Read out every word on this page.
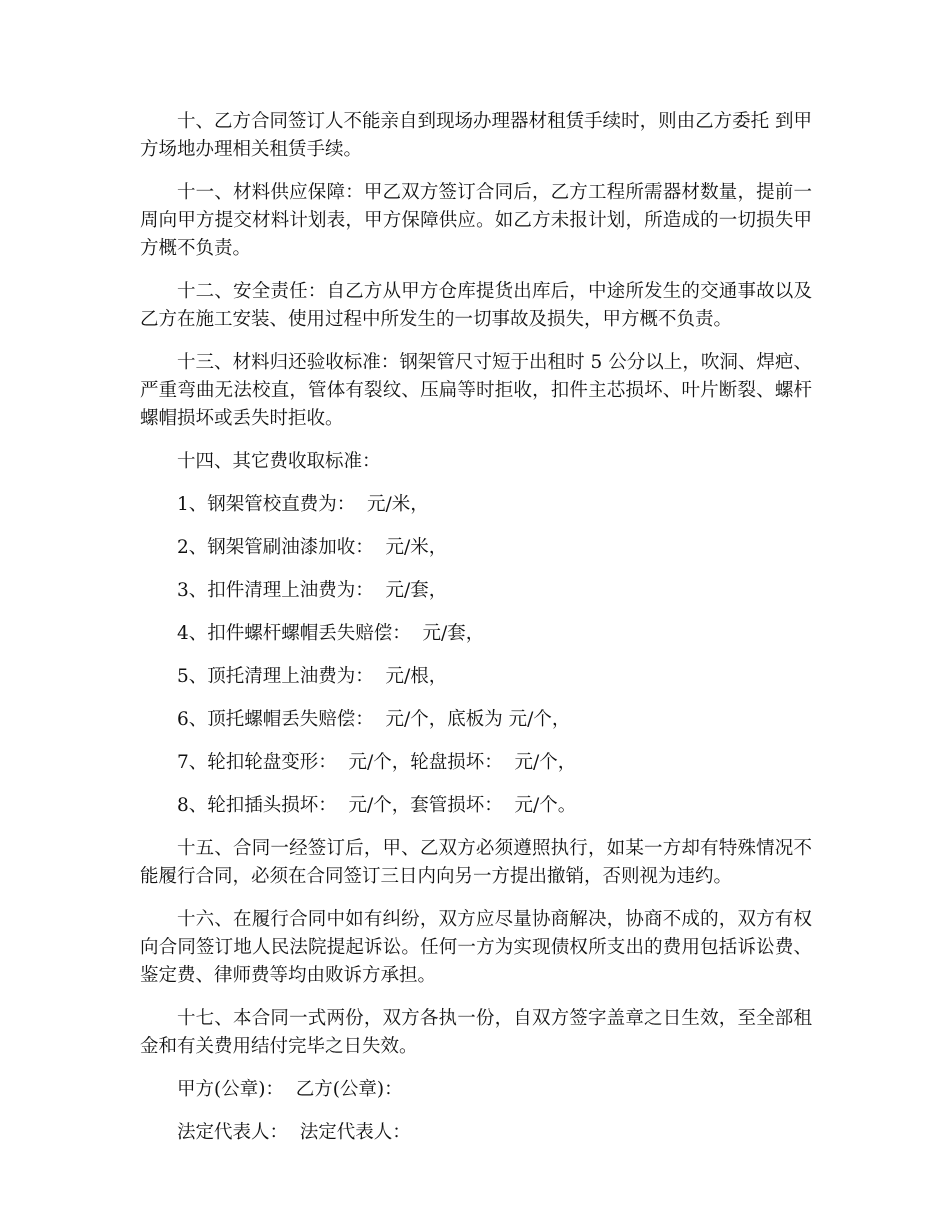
十、乙方合同签订人不能亲自到现场办理器材租赁手续时，则由乙方委托 到甲方场地办理相关租赁手续。

十一、材料供应保障：甲乙双方签订合同后，乙方工程所需器材数量，提前一周向甲方提交材料计划表，甲方保障供应。如乙方未报计划，所造成的一切损失甲方概不负责。

十二、安全责任：自乙方从甲方仓库提货出库后，中途所发生的交通事故以及乙方在施工安装、使用过程中所发生的一切事故及损失，甲方概不负责。

十三、材料归还验收标准：钢架管尺寸短于出租时 5 公分以上，吹洞、焊疤、严重弯曲无法校直，管体有裂纹、压扁等时拒收，扣件主芯损坏、叶片断裂、螺杆螺帽损坏或丢失时拒收。

十四、其它费收取标准：

1、钢架管校直费为：  元/米，
2、钢架管刷油漆加收：  元/米，
3、扣件清理上油费为：  元/套，
4、扣件螺杆螺帽丢失赔偿：  元/套，
5、顶托清理上油费为：  元/根，
6、顶托螺帽丢失赔偿：  元/个，底板为 元/个，
7、轮扣轮盘变形：  元/个，轮盘损坏：  元/个，
8、轮扣插头损坏：  元/个，套管损坏：  元/个。

十五、合同一经签订后，甲、乙双方必须遵照执行，如某一方却有特殊情况不能履行合同，必须在合同签订三日内向另一方提出撤销，否则视为违约。

十六、在履行合同中如有纠纷，双方应尽量协商解决，协商不成的，双方有权向合同签订地人民法院提起诉讼。任何一方为实现债权所支出的费用包括诉讼费、鉴定费、律师费等均由败诉方承担。

十七、本合同一式两份，双方各执一份，自双方签字盖章之日生效，至全部租金和有关费用结付完毕之日失效。

甲方(公章)：  乙方(公章)：
法定代表人：  法定代表人：
